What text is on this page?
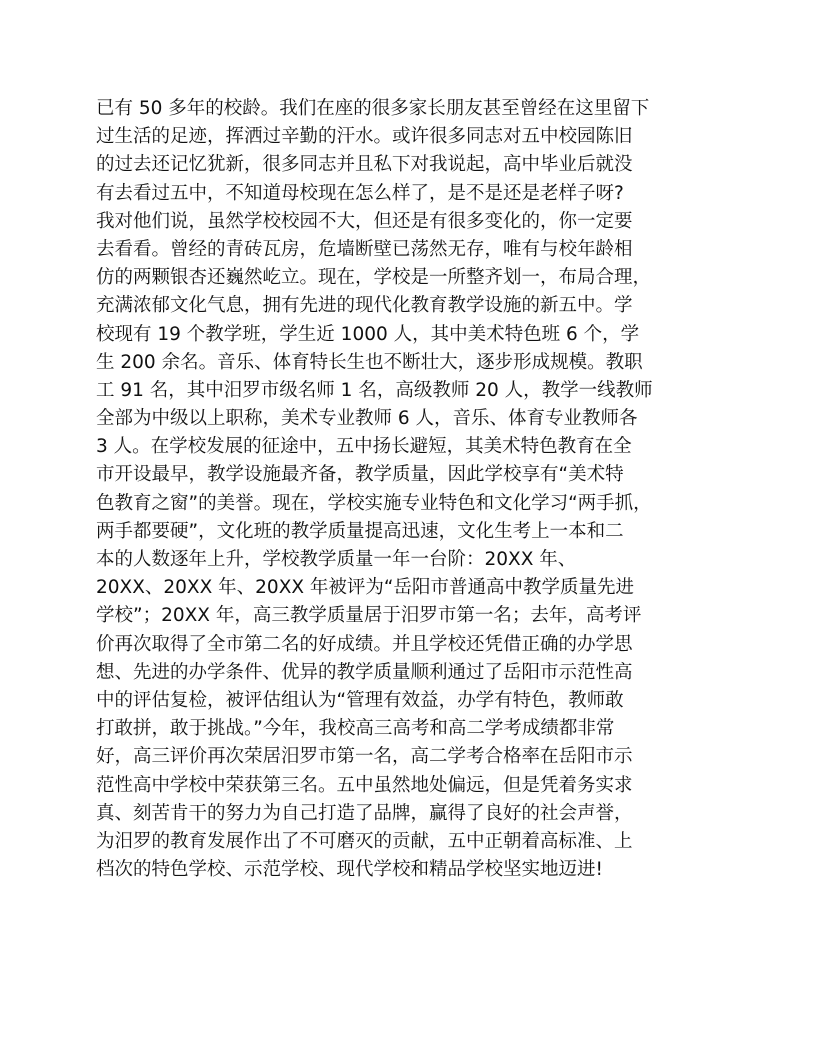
已有 50 多年的校龄。我们在座的很多家长朋友甚至曾经在这里留下
过生活的足迹，挥洒过辛勤的汗水。或许很多同志对五中校园陈旧
的过去还记忆犹新，很多同志并且私下对我说起，高中毕业后就没
有去看过五中，不知道母校现在怎么样了，是不是还是老样子呀?
我对他们说，虽然学校校园不大，但还是有很多变化的，你一定要
去看看。曾经的青砖瓦房，危墙断壁已荡然无存，唯有与校年龄相
仿的两颗银杏还巍然屹立。现在，学校是一所整齐划一，布局合理，
充满浓郁文化气息，拥有先进的现代化教育教学设施的新五中。学
校现有 19 个教学班，学生近 1000 人，其中美术特色班 6 个，学
生 200 余名。音乐、体育特长生也不断壮大，逐步形成规模。教职
工 91 名，其中汨罗市级名师 1 名，高级教师 20 人，教学一线教师
全部为中级以上职称，美术专业教师 6 人，音乐、体育专业教师各
3 人。在学校发展的征途中，五中扬长避短，其美术特色教育在全
市开设最早，教学设施最齐备，教学质量，因此学校享有“美术特
色教育之窗”的美誉。现在，学校实施专业特色和文化学习“两手抓，
两手都要硬”，文化班的教学质量提高迅速，文化生考上一本和二
本的人数逐年上升，学校教学质量一年一台阶：20XX 年、
20XX、20XX 年、20XX 年被评为“岳阳市普通高中教学质量先进
学校”；20XX 年，高三教学质量居于汨罗市第一名；去年，高考评
价再次取得了全市第二名的好成绩。并且学校还凭借正确的办学思
想、先进的办学条件、优异的教学质量顺利通过了岳阳市示范性高
中的评估复检，被评估组认为“管理有效益，办学有特色，教师敢
打敢拼，敢于挑战。”今年，我校高三高考和高二学考成绩都非常
好，高三评价再次荣居汨罗市第一名，高二学考合格率在岳阳市示
范性高中学校中荣获第三名。五中虽然地处偏远，但是凭着务实求
真、刻苦肯干的努力为自己打造了品牌，赢得了良好的社会声誉，
为汨罗的教育发展作出了不可磨灭的贡献，五中正朝着高标准、上
档次的特色学校、示范学校、现代学校和精品学校坚实地迈进!
